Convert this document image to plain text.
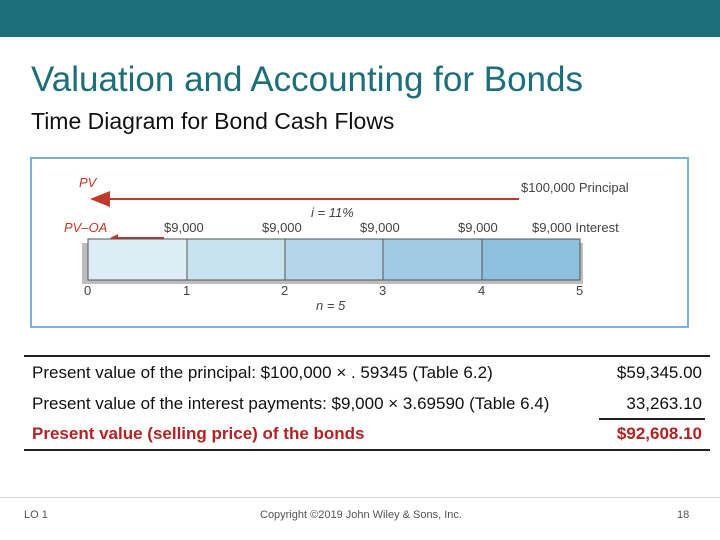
Valuation and Accounting for Bonds
Time Diagram for Bond Cash Flows
PV	$100,000 Principal
i = 11%
PV–OA	$9,000	$9,000	$9,000	$9,000	$9,000 Interest
0	1	2	3	4	5
n = 5
Present value of the principal: $100,000 × . 59345 (Table 6.2)	$59,345.00
Present value of the interest payments: $9,000 × 3.69590 (Table 6.4)	33,263.10
Present value (selling price) of the bonds	$92,608.10
LO 1	Copyright ©2019 John Wiley & Sons, Inc.	18
